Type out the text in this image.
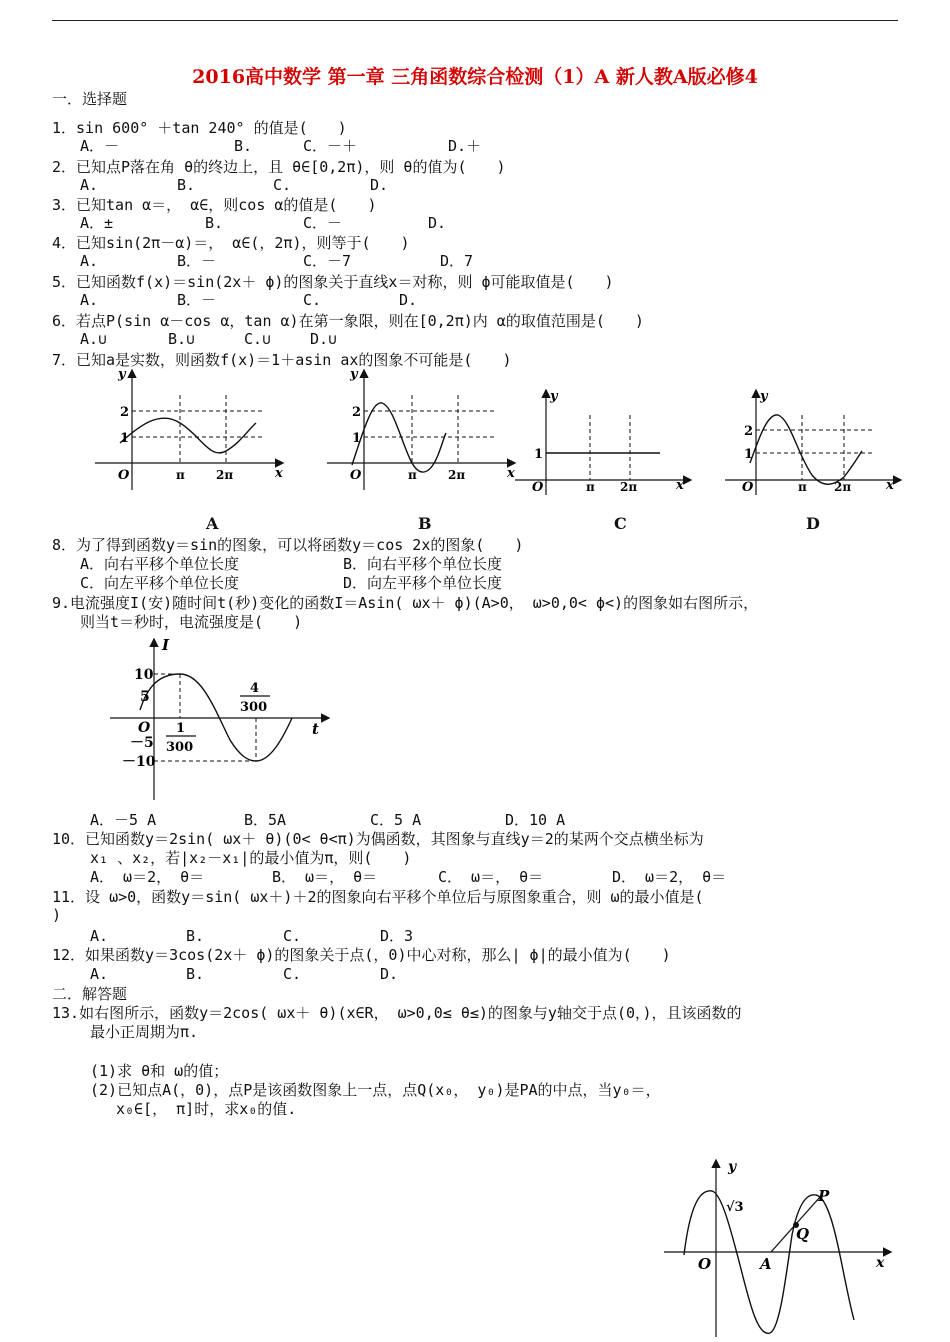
2016高中数学 第一章 三角函数综合检测（1）A 新人教A版必修4
一．选择题
1．sin 600° ＋tan 240° 的值是(　　)
A．－	B.	C．－＋	D.＋
2．已知点P落在角 θ的终边上，且 θ∈[0,2π)，则 θ的值为(　　)
A.	B.	C.	D.
3．已知tan α＝， α∈，则cos α的值是(　　)
A．±	B.	C．－	D.
4．已知sin(2π－α)＝， α∈(，2π)，则等于(　　)
A.	B．－	C．－7	D．7
5．已知函数f(x)＝sin(2x＋ ϕ)的图象关于直线x＝对称，则 ϕ可能取值是(　　)
A.	B．－	C.	D.
6．若点P(sin α－cos α，tan α)在第一象限，则在[0,2π)内 α的取值范围是(　　)
A.∪	B.∪	C.∪	D.∪
7．已知a是实数，则函数f(x)＝1＋asin ax的图象不可能是(　　)
y
x
O
2
1
π	2π
A
y
x
O
2
1
π	2π
B
y
x
O
1
π 2π
C
y
x
O
2
1
π 2π
D
8．为了得到函数y＝sin的图象，可以将函数y＝cos 2x的图象(　　)
A．向右平移个单位长度	B．向右平移个单位长度
C．向左平移个单位长度	D．向左平移个单位长度
9.电流强度I(安)随时间t(秒)变化的函数I＝Asin( ωx＋ ϕ)(A>0， ω>0,0< ϕ<)的图象如右图所示，
则当t＝秒时，电流强度是(　　)
I
t
10
5
O
－5
－10
1
300
4
300
A．－5 A	B．5A	C．5 A	D．10 A
10．已知函数y＝2sin( ωx＋ θ)(0< θ<π)为偶函数，其图象与直线y＝2的某两个交点横坐标为
x₁ 、x₂，若|x₂－x₁|的最小值为π，则(　　)
A． ω＝2， θ＝	B． ω＝， θ＝	C． ω＝， θ＝	D． ω＝2， θ＝
11．设 ω>0，函数y＝sin( ωx＋)＋2的图象向右平移个单位后与原图象重合，则 ω的最小值是(
)
A.	B.	C.	D．3
12．如果函数y＝3cos(2x＋ ϕ)的图象关于点(，0)中心对称，那么| ϕ|的最小值为(　　)
A.	B.	C.	D.
二．解答题
13.如右图所示，函数y＝2cos( ωx＋ θ)(x∈R， ω>0,0≤ θ≤)的图象与y轴交于点(0，)，且该函数的
最小正周期为π.
(1)求 θ和 ω的值；
(2)已知点A(，0)，点P是该函数图象上一点，点Q(x₀， y₀)是PA的中点，当y₀＝，
x₀∈[， π]时，求x₀的值.
y
x
O	A
P
Q
√3
